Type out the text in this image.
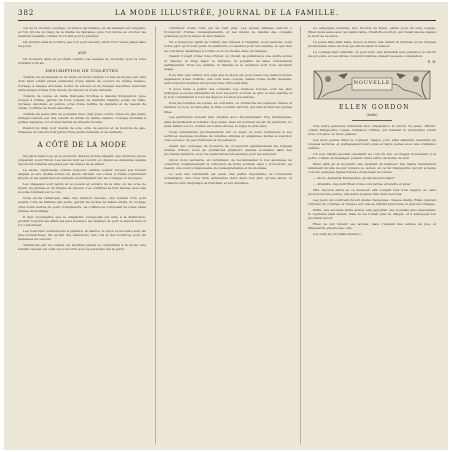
382	LA MODE ILLUSTRÉE, JOURNAL DE LA FAMILLE.

ces de le crochet, ouvrage, on relève les mailles, en les laissant sur l'aiguille, et l'on tricote un rang de la maille de fantaisie, puis l'on ferme au crochet les maillons restants comme on l'a fait pour le premier.

On obtient ainsi la bordure que l'on peut ensuite orner d'un ruban passé dans les jours.

AVIS

On trouvera dans le prochain numéro les dessins de broderie pour la robe d'enfant d'un an.

DESCRIPTION DE TOILETTES

Toilette de promenade et de visite en moiré grenat. Le bas de la jupe est orné d'un haut volant plissé surmonté d'une bande de velours de même nuance. Corsage à basque arrondie, bordé de velours et de franges assorties; manches demi-larges ornées d'un revers de velours et d'une dentelle.

Toilette de soirée en faille française brochée à dessins Pompadour. Jupe longue à traîne, garnie de trois volants de dentelle blanche posés en biais. Corsage décolleté en pointe, orné d'une berthe de dentelle et de nœuds de ruban. Coiffure de fleurs assorties.

Toilette de jeune fille en popeline bleu clair. Jupe courte ornée de plis plats; tunique relevée par des nœuds de ruban de même nuance. Corsage montant à petites basques; col et manchettes de lingerie brodée.

Paletot de drap noir doublé de soie, orné de galons et de boutons de jais. Chapeau de velours noir garni d'une plume blanche et de dentelle.

A CÔTÉ DE LA MODE

On parle beaucoup en ce moment, dans le monde élégant, des réunions qui se préparent pour l'hiver. Les salons vont se rouvrir, et chacun se demande quelles seront les toilettes adoptées par les reines de la saison.

La mode, capricieuse comme toujours, semble vouloir revenir aux formes amples et aux étoffes riches du siècle dernier. Les robes à traîne reprennent faveur, et les garnitures de dentelle se multiplient sur les corsages et les jupes.

Les chapeaux sont petits et se posent en arrière de la tête; on les orne de fleurs, de plumes et de rubans de velours. Les coiffures se font hautes, avec des boucles tombant sur le cou.

Nous avons remarqué, dans une réunion récente, une toilette d'un goût exquis: robe de taffetas gris perle, garnie de ruches de même étoffe, et corsage orné d'une berthe de point d'Angleterre. La coiffure se composait de roses pâles mêlées de feuillage.

Il faut reconnaître que la simplicité, lorsqu'elle est unie à la distinction, produit toujours les effets les plus heureux; les femmes de goût le savent bien et s'y conforment.

Les fourrures commencent à paraître: la martre, le vison et la loutre sont les plus recherchées. On en fait des manchons, des cols et des bordures pour les manteaux de velours.

Terminons par un conseil: ne sacrifiez jamais le confortable à la mode; une toilette réussie est celle qui s'accorde avec la personne qui la porte.

l'intérieur d'une robe qui ne l'est plus. Les jeunes femmes surtout y trouveront d'utiles renseignements, et les mères de famille des conseils pratiques pour la tenue de leur maison.

On a beaucoup parlé de l'utilité des travaux à l'aiguille; nous pensons, pour notre part, qu'il n'est point de meilleure occupation pour une femme, et que rien ne contribue davantage à l'ordre et à l'économie dans un ménage.

Quand il s'agit d'une robe d'hiver, on choisit de préférence une étoffe solide et chaude; le drap léger, le mérinos, la popeline de laine conviennent parfaitement. Pour les enfants, la flanelle et le molleton sont d'un excellent usage.

Il ne faut pas oublier non plus que la façon est pour beaucoup dans la bonne apparence d'une toilette; une robe bien coupée, même d'une étoffe modeste, aura toujours meilleur air qu'une robe riche mal faite.

Il nous reste à parler des couleurs. Les nuances foncées sont les plus pratiques pour les vêtements de tous les jours; le brun, le gris, le bleu marine et le noir conviennent à tous les âges et à toutes les saisons.

Pour les toilettes de soirée, au contraire, on recherche les nuances claires et tendres: le rose, le bleu pâle, le lilas, le blanc surtout, qui sied si bien aux jeunes filles.

Les garnitures doivent être choisies avec discernement; trop nombreuses, elles alourdissent la toilette; trop rares, elles lui donnent un air de pauvreté. Le juste milieu est ici, comme en toutes choses, la règle la plus sûre.

Nous reviendrons prochainement sur ce sujet, et nous donnerons à nos lectrices quelques modèles de toilettes simples et élégantes, faciles à exécuter chez soi avec un peu d'adresse et de patience.

Quant aux ouvrages de broderie, ils occuperont agréablement les longues soirées d'hiver; nous en publierons plusieurs dessins nouveaux dans nos prochains numéros, avec les explications nécessaires pour les exécuter.

Qu'on nous permette, en terminant, de recommander à nos abonnées de conserver soigneusement la collection de notre journal; elles y trouveront, au besoin, une source inépuisable de renseignements et de modèles.

Le soin des vêtements est aussi une partie importante de l'économie domestique: une robe bien entretenue dure deux fois plus qu'une autre, et conserve plus longtemps sa fraîcheur et son élégance.

La campagne achevée, Guy Gordon en fanes, partie pour un long voyage. Ellen resta seule avec sa vieille tante, Charlotte Gordon, qui l'avait élevée depuis la mort de sa mère.

La jeune fille était belle, douce et fière; elle aimait la solitude et les longues promenades dans les bois qui entouraient le manoir.

Le courage faut réfléchir, on peut tout; elle attendait avec patience le retour de son père, et ses lettres, toujours tendres, étaient sa seule consolation.

E. R.

NOUVELLE

ELLEN GORDON

(Suite)

Une autre personne attendait avec impatience le retour du jeune officier: c'était Marguerite, l'amie d'enfance d'Ellen, qui habitait le presbytère voisin avec son père, le vieux pasteur.

Les deux jeunes filles se voyaient chaque jour; elles faisaient ensemble de longues lectures, et partageaient leurs joies et leurs peines avec une confiance entière.

Un soir, tandis qu'elles causaient au coin du feu, on frappa doucement à la porte. C'était un messager porteur d'une lettre cachetée de noir.

Ellen pâlit en la recevant; elle devinait un malheur. Ses mains tremblaient tellement qu'elle ne put rompre le cachet, et ce fut Marguerite qui lut à haute voix les quelques lignes tracées d'une main inconnue.

— Alors, demanda Marguerite, qu'allons-nous faire?

— Attendre, répondit Ellen d'une voix ferme; attendre et prier.

Mrs. Gordon entra en ce moment; elle comprit tout d'un regard, et, sans prononcer une parole, elle serra la jeune fille dans ses bras.

Les jours qui suivirent furent pleins d'angoisse; chaque matin, Ellen guettait l'arrivée du courrier, et chaque soir elle se retirait plus triste et plus découragée.

Enfin, une seconde lettre arriva; elle apportait une nouvelle plus rassurante: le capitaine était blessé, mais sa vie n'était plus en danger, et il annonçait son prochain retour.

Ellen ne put retenir ses larmes; mais c'étaient des larmes de joie, et Marguerite pleura avec elle.

(La suite au prochain numéro.)
